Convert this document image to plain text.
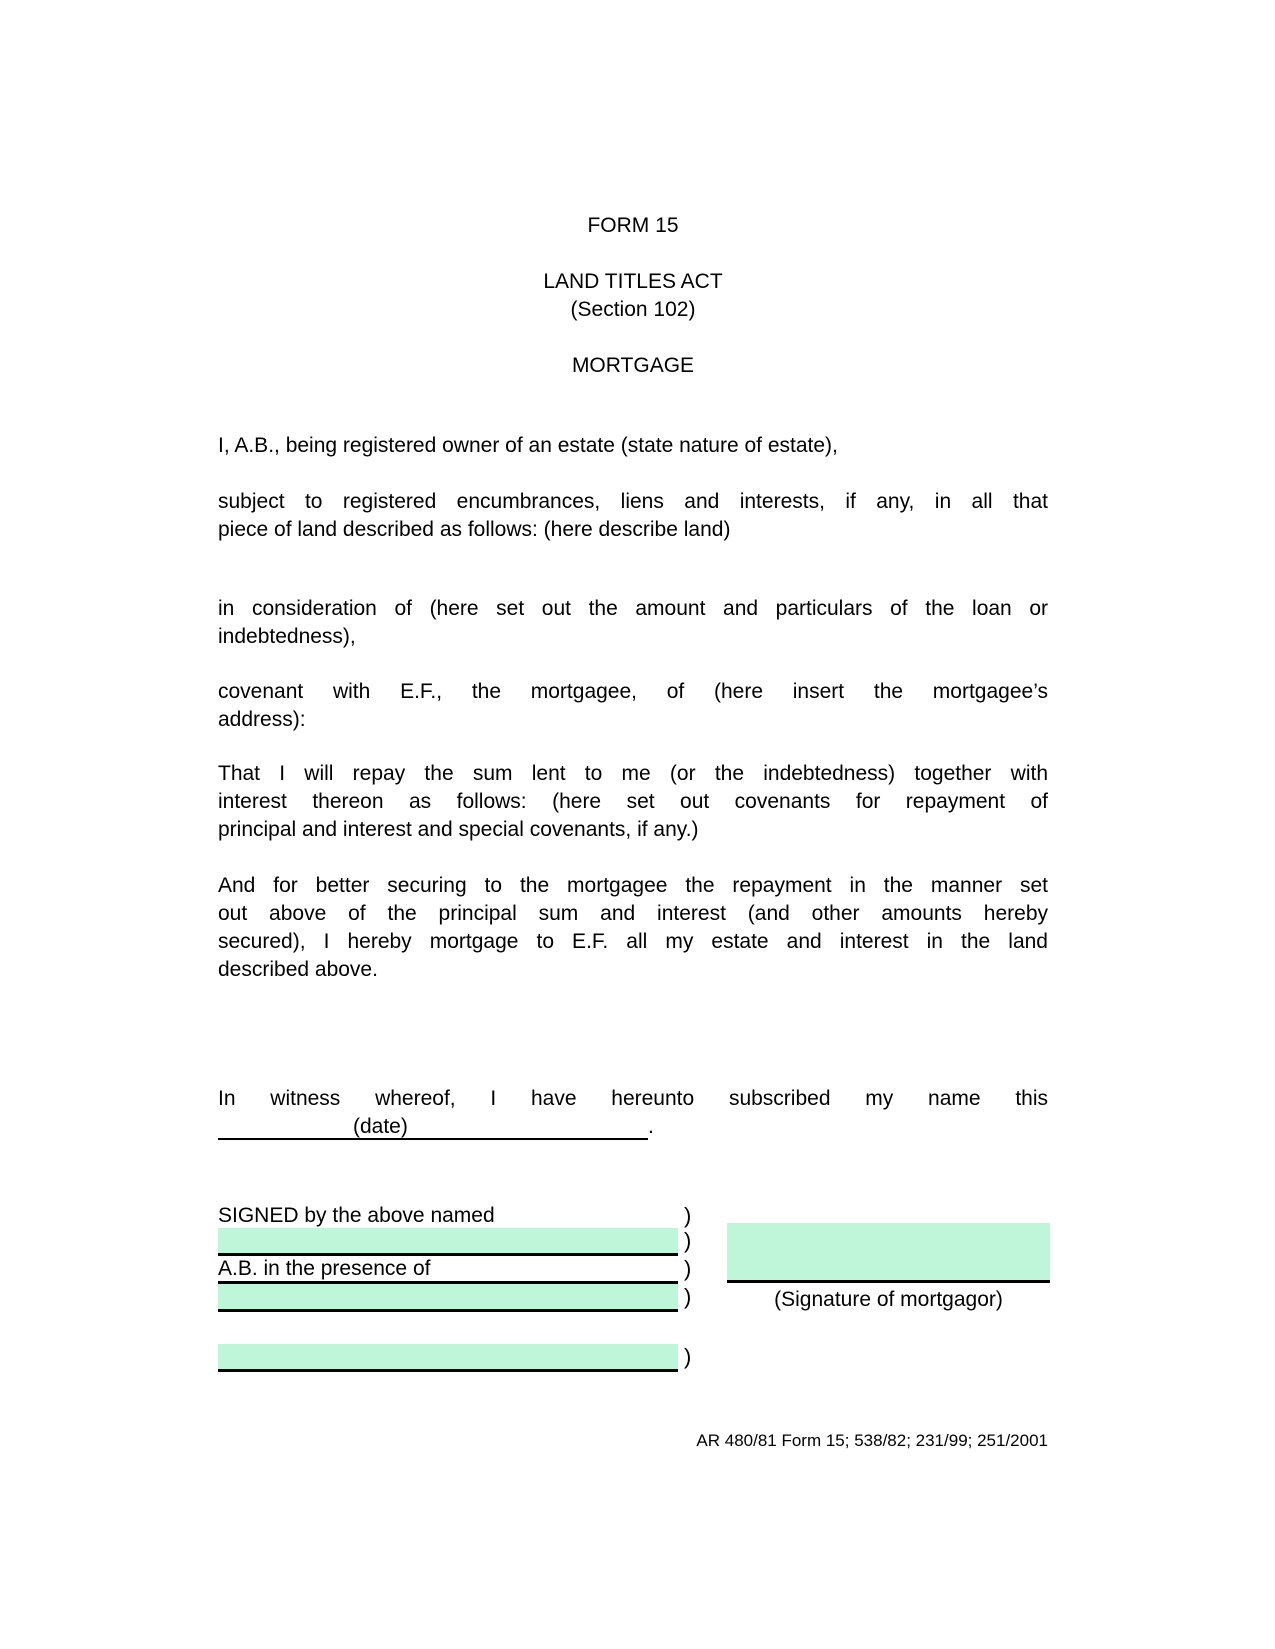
FORM 15
LAND TITLES ACT
(Section 102)
MORTGAGE
I, A.B., being registered owner of an estate (state nature of estate),
subject to registered encumbrances, liens and interests, if any, in all that
piece of land described as follows: (here describe land)
in consideration of (here set out the amount and particulars of the loan or
indebtedness),
covenant with E.F., the mortgagee, of (here insert the mortgagee’s
address):
That I will repay the sum lent to me (or the indebtedness) together with
interest thereon as follows: (here set out covenants for repayment of
principal and interest and special covenants, if any.)
And for better securing to the mortgagee the repayment in the manner set
out above of the principal sum and interest (and other amounts hereby
secured), I hereby mortgage to E.F. all my estate and interest in the land
described above.
In witness whereof, I have hereunto subscribed my name this
(date)	.
SIGNED by the above named	)
)
A.B. in the presence of	)
)
)
(Signature of mortgagor)
AR 480/81 Form 15; 538/82; 231/99; 251/2001
